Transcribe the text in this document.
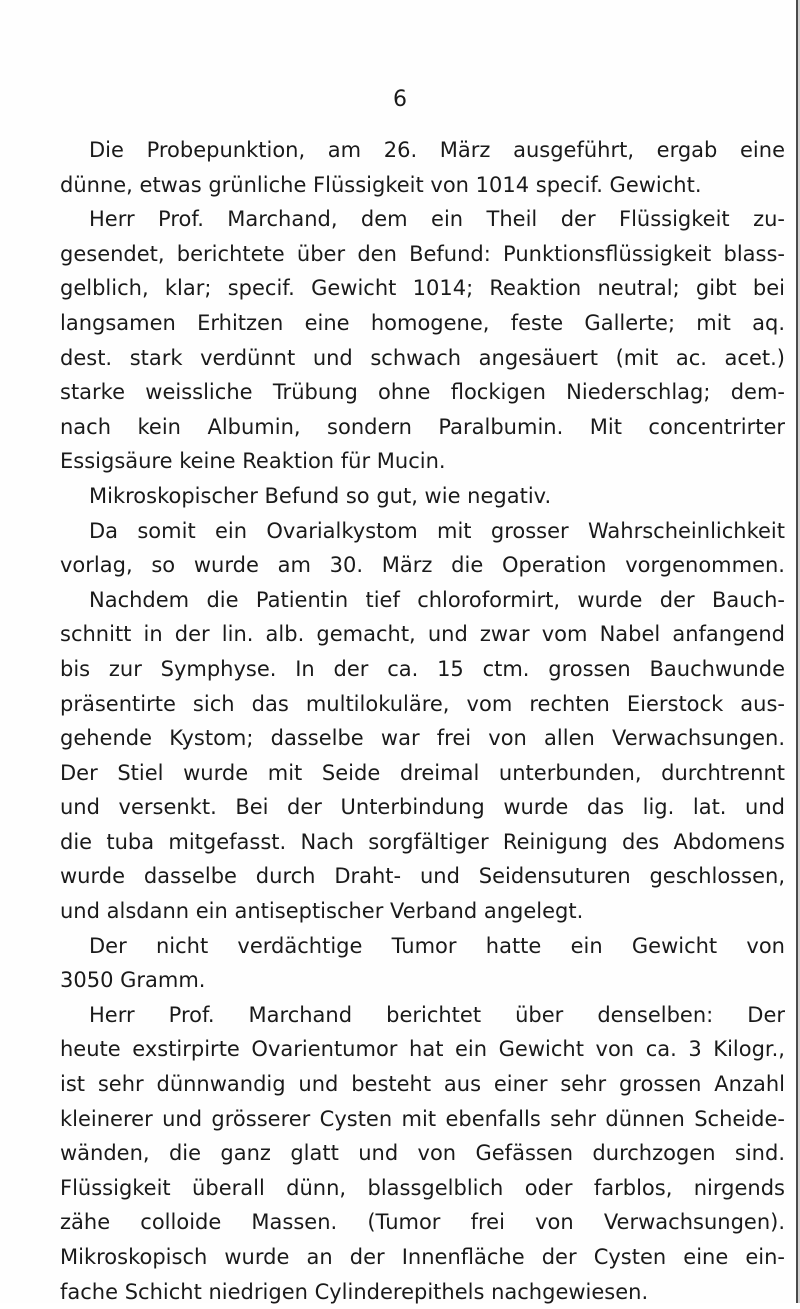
6
Die Probepunktion, am 26. März ausgeführt, ergab eine
dünne, etwas grünliche Flüssigkeit von 1014 specif. Gewicht.
Herr Prof. Marchand, dem ein Theil der Flüssigkeit zu-
gesendet, berichtete über den Befund: Punktionsflüssigkeit blass-
gelblich, klar; specif. Gewicht 1014; Reaktion neutral; gibt bei
langsamen Erhitzen eine homogene, feste Gallerte; mit aq.
dest. stark verdünnt und schwach angesäuert (mit ac. acet.)
starke weissliche Trübung ohne flockigen Niederschlag; dem-
nach kein Albumin, sondern Paralbumin. Mit concentrirter
Essigsäure keine Reaktion für Mucin.
Mikroskopischer Befund so gut, wie negativ.
Da somit ein Ovarialkystom mit grosser Wahrscheinlichkeit
vorlag, so wurde am 30. März die Operation vorgenommen.
Nachdem die Patientin tief chloroformirt, wurde der Bauch-
schnitt in der lin. alb. gemacht, und zwar vom Nabel anfangend
bis zur Symphyse. In der ca. 15 ctm. grossen Bauchwunde
präsentirte sich das multilokuläre, vom rechten Eierstock aus-
gehende Kystom; dasselbe war frei von allen Verwachsungen.
Der Stiel wurde mit Seide dreimal unterbunden, durchtrennt
und versenkt. Bei der Unterbindung wurde das lig. lat. und
die tuba mitgefasst. Nach sorgfältiger Reinigung des Abdomens
wurde dasselbe durch Draht- und Seidensuturen geschlossen,
und alsdann ein antiseptischer Verband angelegt.
Der nicht verdächtige Tumor hatte ein Gewicht von
3050 Gramm.
Herr Prof. Marchand berichtet über denselben: Der
heute exstirpirte Ovarientumor hat ein Gewicht von ca. 3 Kilogr.,
ist sehr dünnwandig und besteht aus einer sehr grossen Anzahl
kleinerer und grösserer Cysten mit ebenfalls sehr dünnen Scheide-
wänden, die ganz glatt und von Gefässen durchzogen sind.
Flüssigkeit überall dünn, blassgelblich oder farblos, nirgends
zähe colloide Massen. (Tumor frei von Verwachsungen).
Mikroskopisch wurde an der Innenfläche der Cysten eine ein-
fache Schicht niedrigen Cylinderepithels nachgewiesen.
